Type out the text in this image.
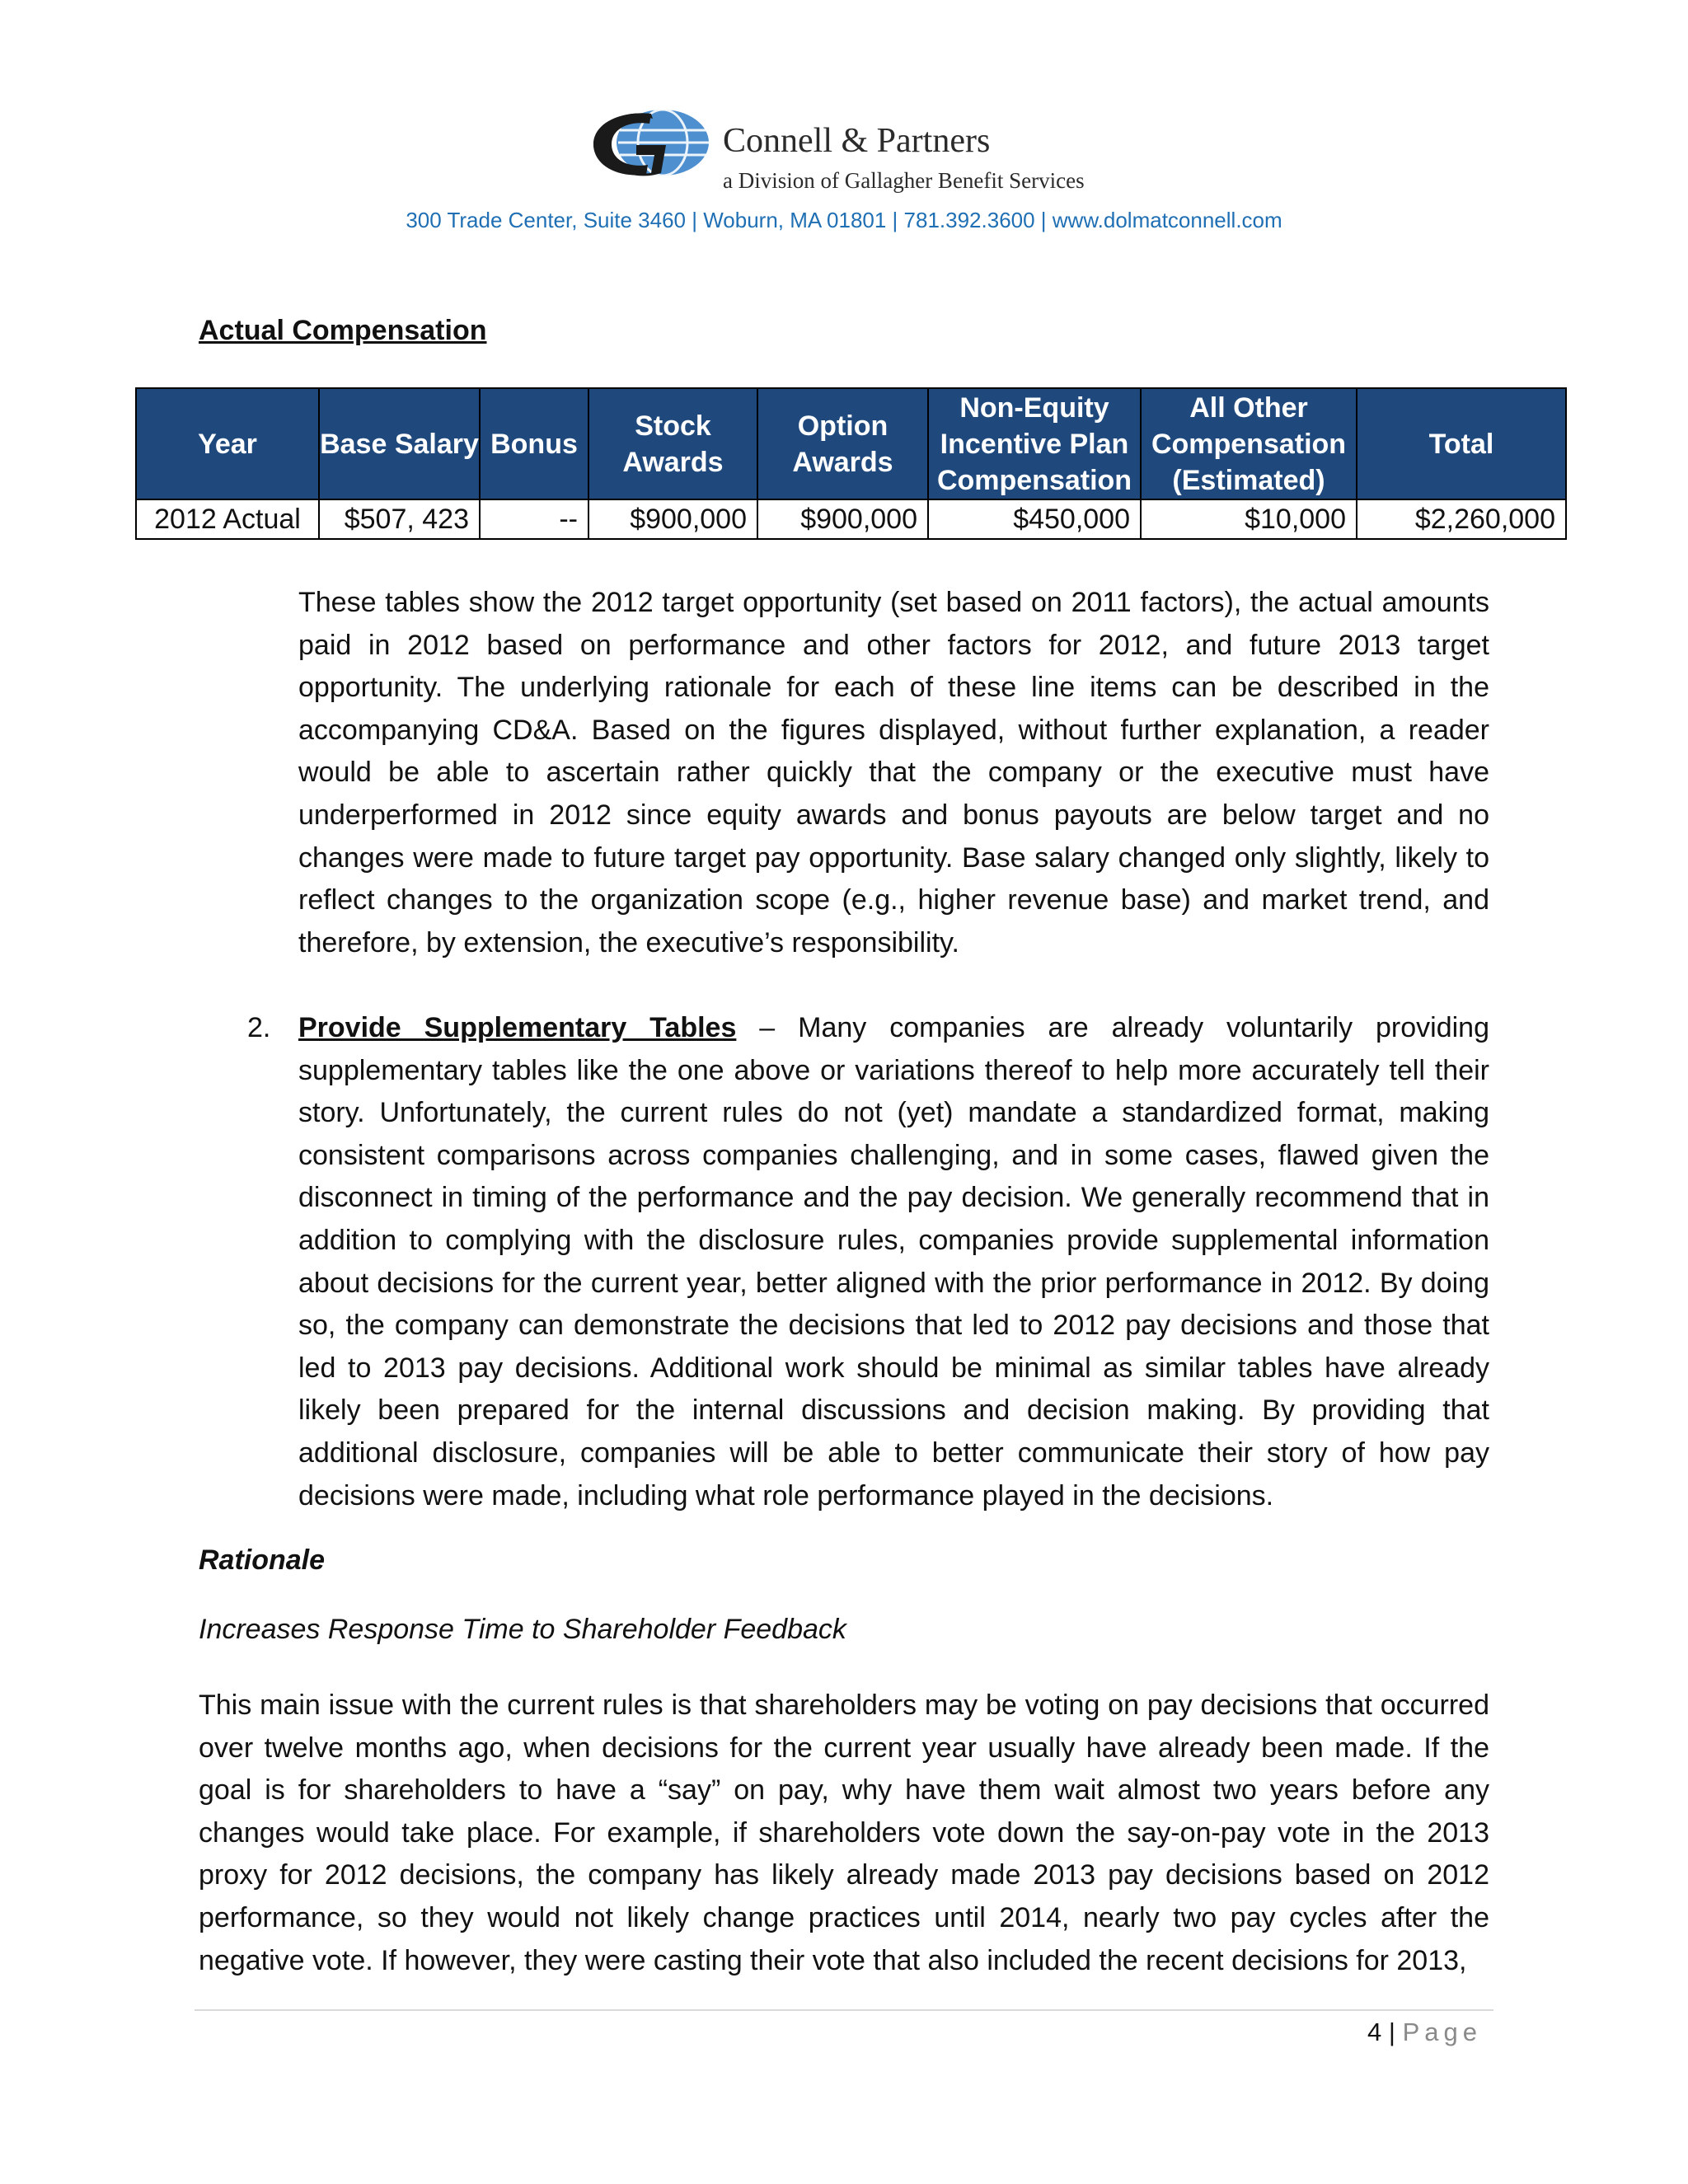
Connell & Partners
a Division of Gallagher Benefit Services
300 Trade Center, Suite 3460 | Woburn, MA 01801 | 781.392.3600 | www.dolmatconnell.com
Actual Compensation
Year	Base Salary	Bonus	Stock Awards	Option Awards	Non-Equity Incentive Plan Compensation	All Other Compensation (Estimated)	Total
2012 Actual	$507, 423	--	$900,000	$900,000	$450,000	$10,000	$2,260,000
These tables show the 2012 target opportunity (set based on 2011 factors), the actual amounts paid in 2012 based on performance and other factors for 2012, and future 2013 target opportunity. The underlying rationale for each of these line items can be described in the accompanying CD&A. Based on the figures displayed, without further explanation, a reader would be able to ascertain rather quickly that the company or the executive must have underperformed in 2012 since equity awards and bonus payouts are below target and no changes were made to future target pay opportunity. Base salary changed only slightly, likely to reflect changes to the organization scope (e.g., higher revenue base) and market trend, and therefore, by extension, the executive’s responsibility.
2. Provide Supplementary Tables – Many companies are already voluntarily providing supplementary tables like the one above or variations thereof to help more accurately tell their story. Unfortunately, the current rules do not (yet) mandate a standardized format, making consistent comparisons across companies challenging, and in some cases, flawed given the disconnect in timing of the performance and the pay decision. We generally recommend that in addition to complying with the disclosure rules, companies provide supplemental information about decisions for the current year, better aligned with the prior performance in 2012. By doing so, the company can demonstrate the decisions that led to 2012 pay decisions and those that led to 2013 pay decisions. Additional work should be minimal as similar tables have already likely been prepared for the internal discussions and decision making. By providing that additional disclosure, companies will be able to better communicate their story of how pay decisions were made, including what role performance played in the decisions.
Rationale
Increases Response Time to Shareholder Feedback
This main issue with the current rules is that shareholders may be voting on pay decisions that occurred over twelve months ago, when decisions for the current year usually have already been made. If the goal is for shareholders to have a “say” on pay, why have them wait almost two years before any changes would take place. For example, if shareholders vote down the say-on-pay vote in the 2013 proxy for 2012 decisions, the company has likely already made 2013 pay decisions based on 2012 performance, so they would not likely change practices until 2014, nearly two pay cycles after the negative vote. If however, they were casting their vote that also included the recent decisions for 2013,
4 | Page
